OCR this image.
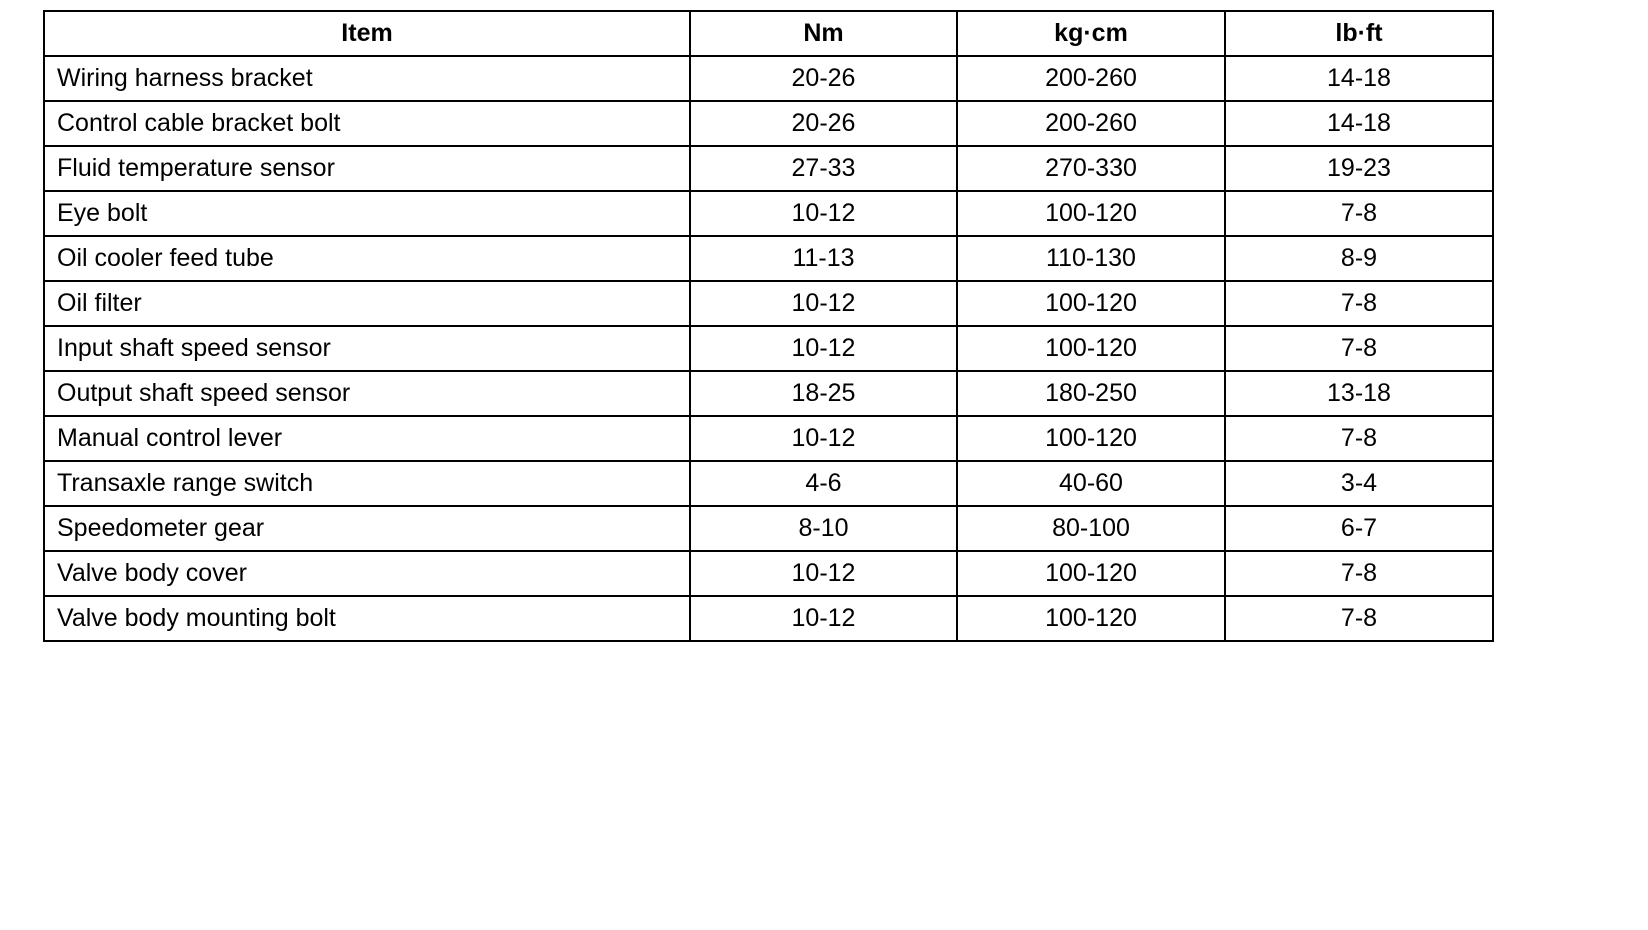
Item	Nm	kg·cm	lb·ft
Wiring harness bracket	20-26	200-260	14-18
Control cable bracket bolt	20-26	200-260	14-18
Fluid temperature sensor	27-33	270-330	19-23
Eye bolt	10-12	100-120	7-8
Oil cooler feed tube	11-13	110-130	8-9
Oil filter	10-12	100-120	7-8
Input shaft speed sensor	10-12	100-120	7-8
Output shaft speed sensor	18-25	180-250	13-18
Manual control lever	10-12	100-120	7-8
Transaxle range switch	4-6	40-60	3-4
Speedometer gear	8-10	80-100	6-7
Valve body cover	10-12	100-120	7-8
Valve body mounting bolt	10-12	100-120	7-8
